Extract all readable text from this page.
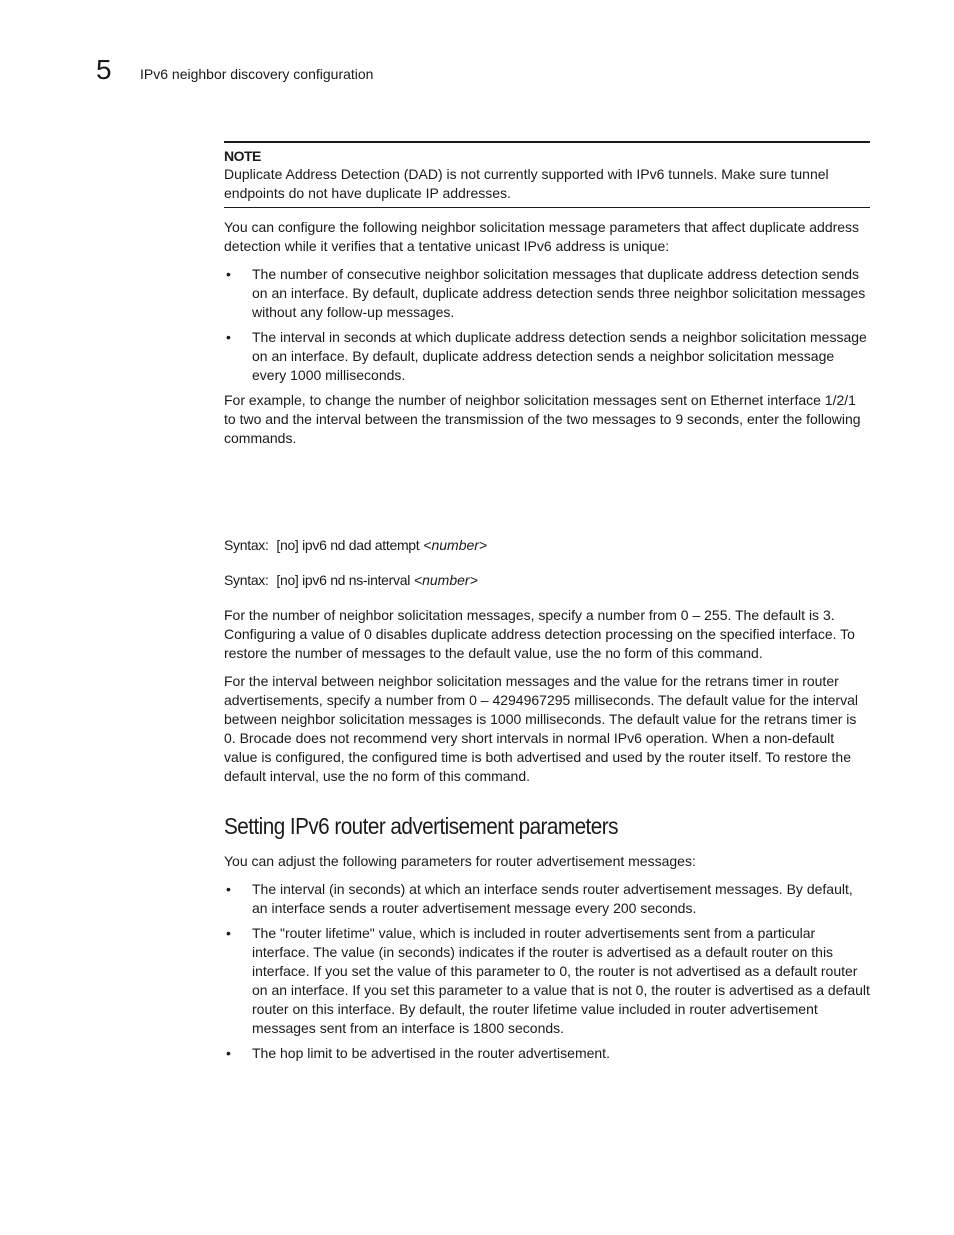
5 IPv6 neighbor discovery configuration
NOTE
Duplicate Address Detection (DAD) is not currently supported with IPv6 tunnels. Make sure tunnel endpoints do not have duplicate IP addresses.

You can configure the following neighbor solicitation message parameters that affect duplicate address detection while it verifies that a tentative unicast IPv6 address is unique:

• The number of consecutive neighbor solicitation messages that duplicate address detection sends on an interface. By default, duplicate address detection sends three neighbor solicitation messages without any follow-up messages.
• The interval in seconds at which duplicate address detection sends a neighbor solicitation message on an interface. By default, duplicate address detection sends a neighbor solicitation message every 1000 milliseconds.

For example, to change the number of neighbor solicitation messages sent on Ethernet interface 1/2/1 to two and the interval between the transmission of the two messages to 9 seconds, enter the following commands.

Syntax: [no] ipv6 nd dad attempt <number>
Syntax: [no] ipv6 nd ns-interval <number>

For the number of neighbor solicitation messages, specify a number from 0 – 255. The default is 3. Configuring a value of 0 disables duplicate address detection processing on the specified interface. To restore the number of messages to the default value, use the no form of this command.

For the interval between neighbor solicitation messages and the value for the retrans timer in router advertisements, specify a number from 0 – 4294967295 milliseconds. The default value for the interval between neighbor solicitation messages is 1000 milliseconds. The default value for the retrans timer is 0. Brocade does not recommend very short intervals in normal IPv6 operation. When a non-default value is configured, the configured time is both advertised and used by the router itself. To restore the default interval, use the no form of this command.

Setting IPv6 router advertisement parameters

You can adjust the following parameters for router advertisement messages:

• The interval (in seconds) at which an interface sends router advertisement messages. By default, an interface sends a router advertisement message every 200 seconds.
• The "router lifetime" value, which is included in router advertisements sent from a particular interface. The value (in seconds) indicates if the router is advertised as a default router on this interface. If you set the value of this parameter to 0, the router is not advertised as a default router on an interface. If you set this parameter to a value that is not 0, the router is advertised as a default router on this interface. By default, the router lifetime value included in router advertisement messages sent from an interface is 1800 seconds.
• The hop limit to be advertised in the router advertisement.
